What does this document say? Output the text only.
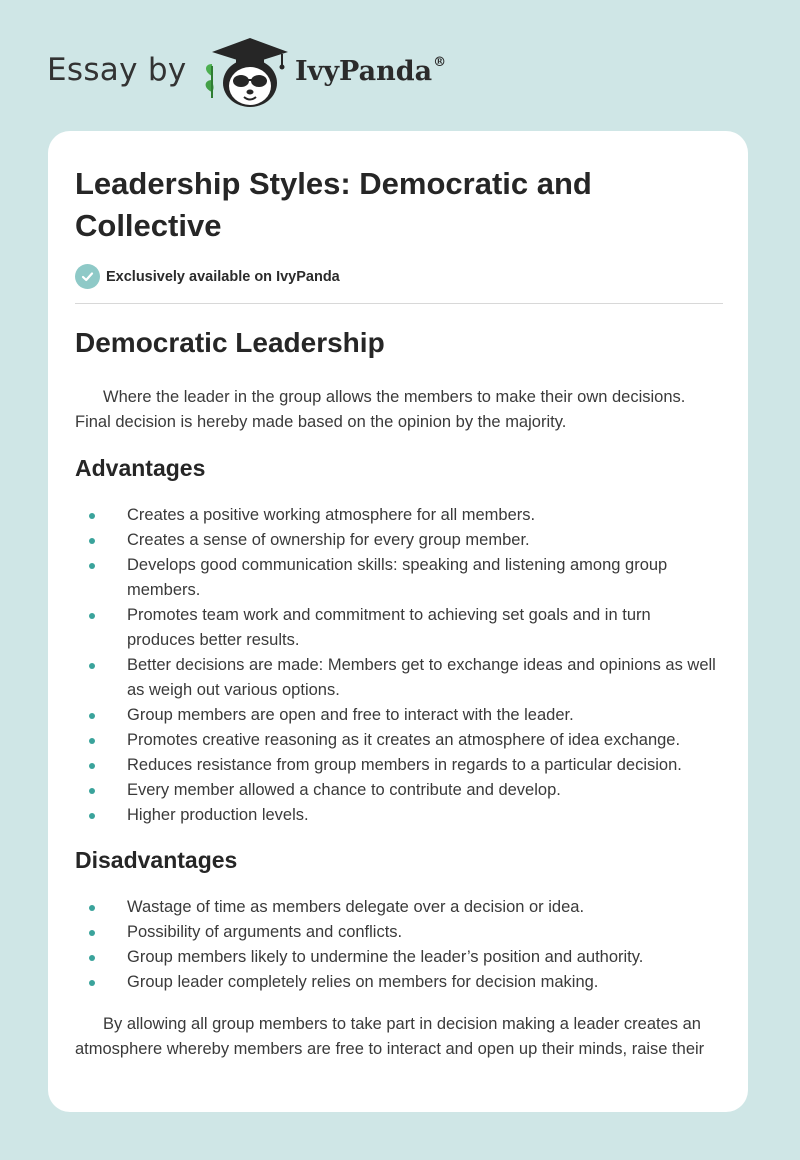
Essay by	IvyPanda®
Leadership Styles: Democratic and Collective
Exclusively available on IvyPanda
Democratic Leadership

Where the leader in the group allows the members to make their own decisions. Final decision is hereby made based on the opinion by the majority.

Advantages
Creates a positive working atmosphere for all members.
Creates a sense of ownership for every group member.
Develops good communication skills: speaking and listening among group members.
Promotes team work and commitment to achieving set goals and in turn produces better results.
Better decisions are made: Members get to exchange ideas and opinions as well as weigh out various options.
Group members are open and free to interact with the leader.
Promotes creative reasoning as it creates an atmosphere of idea exchange.
Reduces resistance from group members in regards to a particular decision.
Every member allowed a chance to contribute and develop.
Higher production levels.
Disadvantages
Wastage of time as members delegate over a decision or idea.
Possibility of arguments and conflicts.
Group members likely to undermine the leader’s position and authority.
Group leader completely relies on members for decision making.

By allowing all group members to take part in decision making a leader creates an atmosphere whereby members are free to interact and open up their minds, raise their
